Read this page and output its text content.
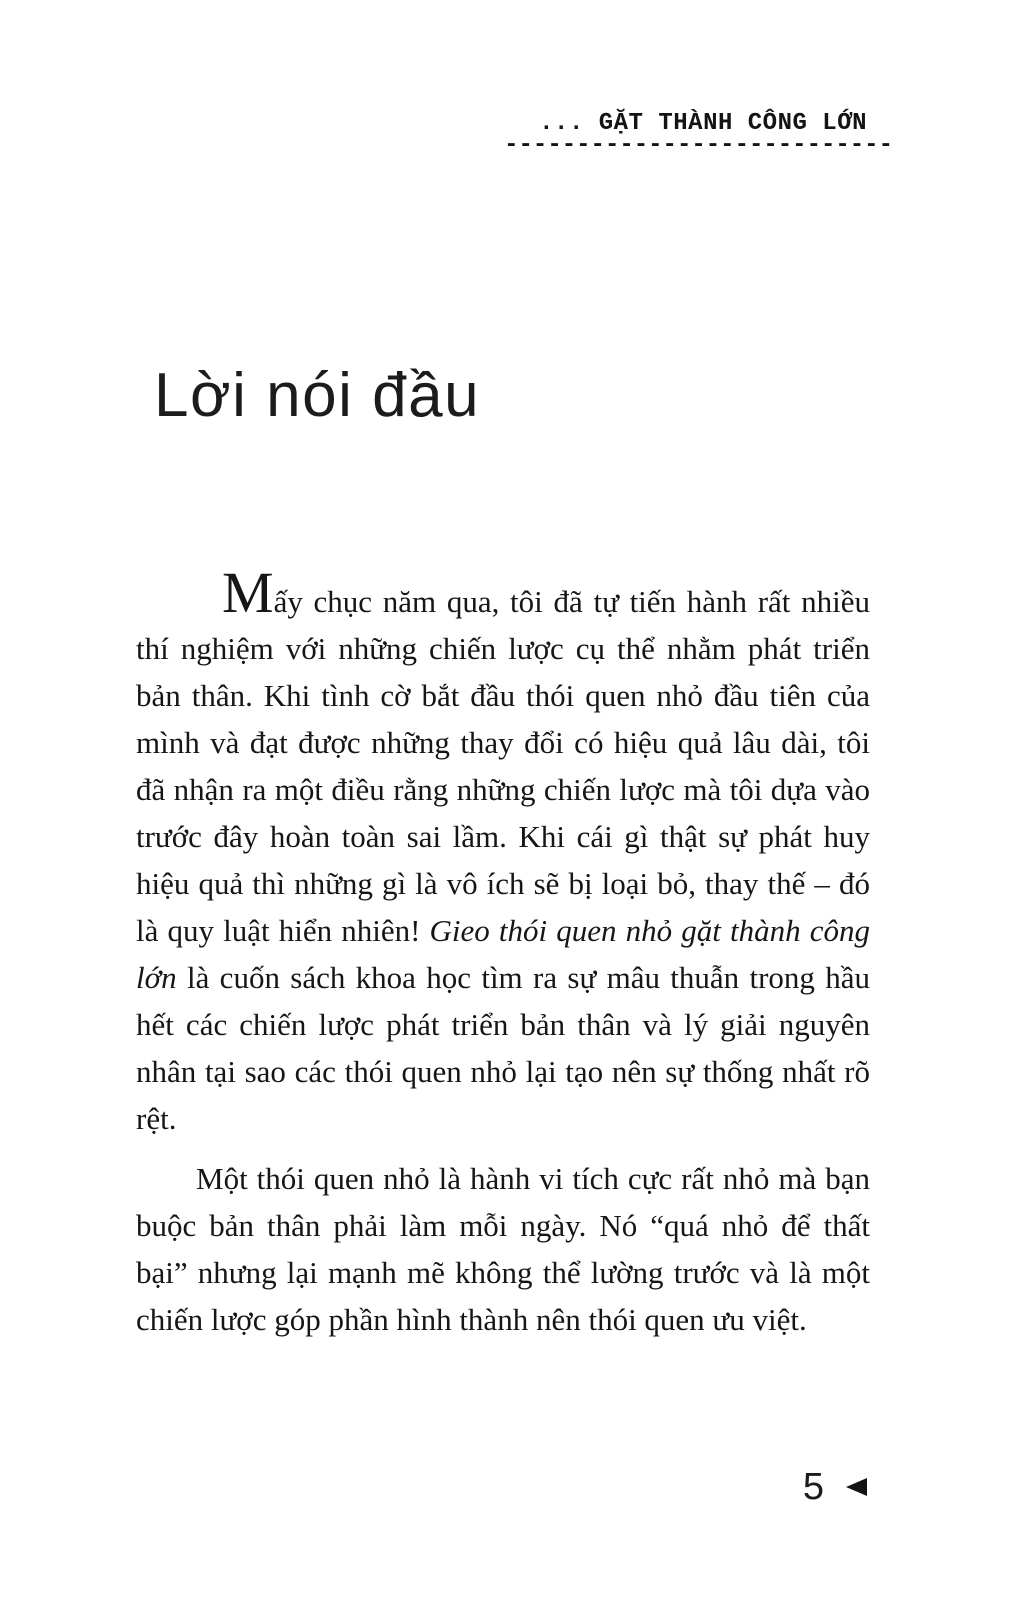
... GẶT THÀNH CÔNG LỚN
---------------------------
Lời nói đầu

Mấy chục năm qua, tôi đã tự tiến hành rất nhiều thí nghiệm với những chiến lược cụ thể nhằm phát triển bản thân. Khi tình cờ bắt đầu thói quen nhỏ đầu tiên của mình và đạt được những thay đổi có hiệu quả lâu dài, tôi đã nhận ra một điều rằng những chiến lược mà tôi dựa vào trước đây hoàn toàn sai lầm. Khi cái gì thật sự phát huy hiệu quả thì những gì là vô ích sẽ bị loại bỏ, thay thế – đó là quy luật hiển nhiên! Gieo thói quen nhỏ gặt thành công lớn là cuốn sách khoa học tìm ra sự mâu thuẫn trong hầu hết các chiến lược phát triển bản thân và lý giải nguyên nhân tại sao các thói quen nhỏ lại tạo nên sự thống nhất rõ rệt.

Một thói quen nhỏ là hành vi tích cực rất nhỏ mà bạn buộc bản thân phải làm mỗi ngày. Nó “quá nhỏ để thất bại” nhưng lại mạnh mẽ không thể lường trước và là một chiến lược góp phần hình thành nên thói quen ưu việt.

5
